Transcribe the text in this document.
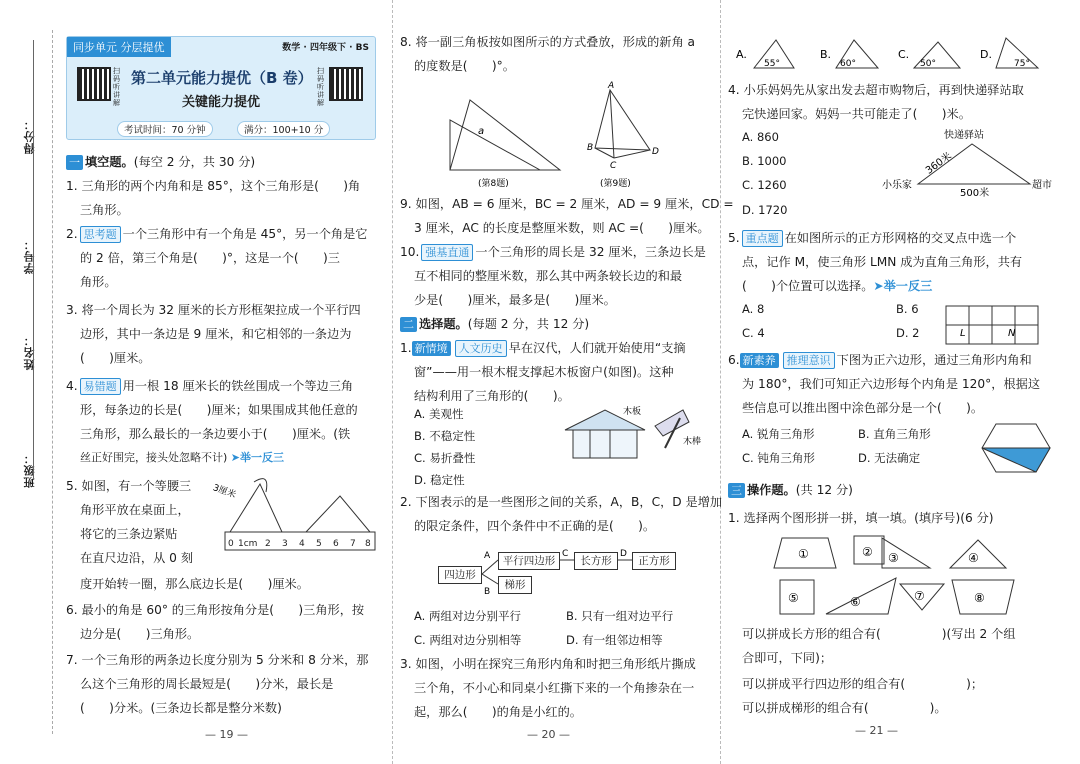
得分：
学号：
姓名：
班级：
同步单元 分层提优	数学 · 四年级下 · BS
扫码听讲解
扫码听讲解
第二单元能力提优（B 卷）
关键能力提优
考试时间：70 分钟	满分：100+10 分
一 填空题。(每空 2 分，共 30 分)
1. 三角形的两个内角和是 85°，这个三角形是(　　)角
三角形。
2. 思考题 一个三角形中有一个角是 45°，另一个角是它
的 2 倍，第三个角是(　　)°，这是一个(　　)三
角形。
3. 将一个周长为 32 厘米的长方形框架拉成一个平行四
边形，其中一条边是 9 厘米，和它相邻的一条边为
(　　)厘米。
4. 易错题 用一根 18 厘米长的铁丝围成一个等边三角
形，每条边的长是(　　)厘米；如果围成其他任意的
三角形，那么最长的一条边要小于(　　)厘米。(铁
丝正好围完，接头处忽略不计) ➤举一反三
5. 如图，有一个等腰三
角形平放在桌面上，
将它的三条边紧贴
在直尺边沿，从 0 刻
度开始转一圈，那么底边长是(　　)厘米。
3厘米
0 1cm 2 3 4 5 6 7 8
6. 最小的角是 60° 的三角形按角分是(　　)三角形，按
边分是(　　)三角形。
7. 一个三角形的两条边长度分别为 5 分米和 8 分米，那
么这个三角形的周长最短是(　　)分米，最长是
(　　)分米。(三条边长都是整分米数)
— 19 —
8. 将一副三角板按如图所示的方式叠放，形成的新角 a
的度数是(　　)°。
a
(第8题)
A
B
C
D
(第9题)
9. 如图，AB = 6 厘米，BC = 2 厘米，AD = 9 厘米，CD =
3 厘米，AC 的长度是整厘米数，则 AC =(　　)厘米。
10. 强基直通 一个三角形的周长是 32 厘米，三条边长是
互不相同的整厘米数，那么其中两条较长边的和最
少是(　　)厘米，最多是(　　)厘米。
二 选择题。(每题 2 分，共 12 分)
1. 新情境 人文历史 早在汉代，人们就开始使用“支摘
窗”——用一根木棍支撑起木板窗户(如图)。这种
结构利用了三角形的(　　)。
A. 美观性
B. 不稳定性
C. 易折叠性
D. 稳定性
木板
木棒
2. 下图表示的是一些图形之间的关系，A，B，C，D 是增加
的限定条件，四个条件中不正确的是(　　)。
四边形
平行四边形	长方形	正方形
梯形
A
B
C	D
A. 两组对边分别平行	B. 只有一组对边平行
C. 两组对边分别相等	D. 有一组邻边相等
3. 如图，小明在探究三角形内角和时把三角形纸片撕成
三个角，不小心和同桌小红撕下来的一个角掺杂在一
起，那么(　　)的角是小红的。
— 20 —
A.
55°
B.
60°
C.
50°
D.
75°
4. 小乐妈妈先从家出发去超市购物后，再到快递驿站取
完快递回家。妈妈一共可能走了(　　)米。
A. 860
B. 1000
C. 1260
D. 1720
快递驿站
小乐家	超市
360米
500米
5. 重点题 在如图所示的正方形网格的交叉点中选一个
点，记作 M，使三角形 LMN 成为直角三角形，共有
(　　)个位置可以选择。➤举一反三
A. 8	B. 6
C. 4	D. 2	L	N
6. 新素养 推理意识 下图为正六边形，通过三角形内角和
为 180°，我们可知正六边形每个内角是 120°，根据这
些信息可以推出图中涂色部分是一个(　　)。
A. 锐角三角形	B. 直角三角形
C. 钝角三角形	D. 无法确定
三 操作题。(共 12 分)
1. 选择两个图形拼一拼，填一填。(填序号)(6 分)
①	② ③	④
⑤	⑥	⑦	⑧
可以拼成长方形的组合有(　　　　　)(写出 2 个组
合即可，下同)；
可以拼成平行四边形的组合有(　　　　　)；
可以拼成梯形的组合有(　　　　　)。
— 21 —
